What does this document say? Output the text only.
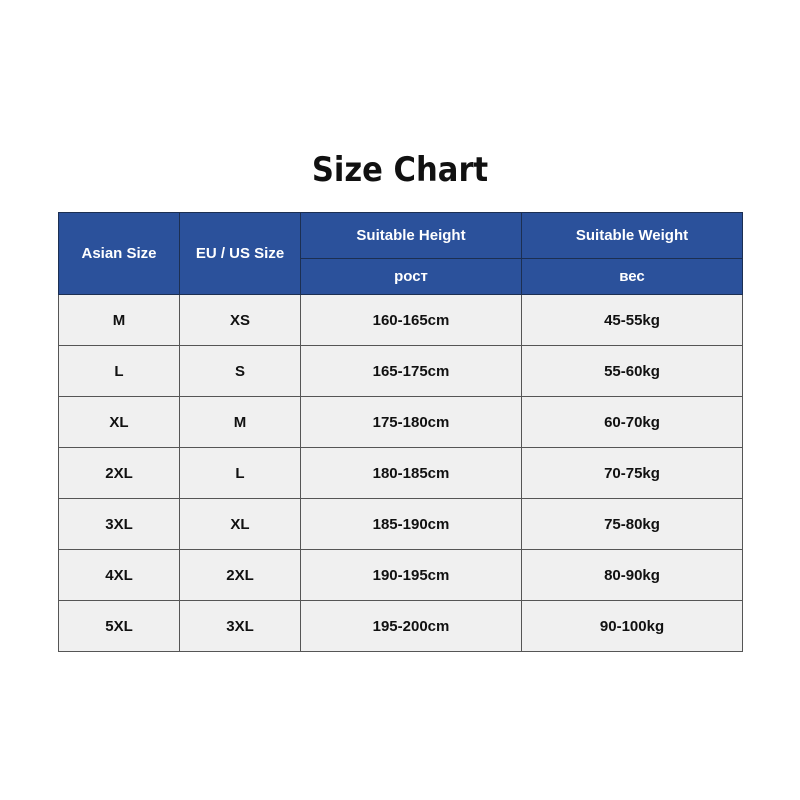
Size Chart
Asian Size	EU / US Size	Suitable Height	Suitable Weight
		рост	вес
M	XS	160-165cm	45-55kg
L	S	165-175cm	55-60kg
XL	M	175-180cm	60-70kg
2XL	L	180-185cm	70-75kg
3XL	XL	185-190cm	75-80kg
4XL	2XL	190-195cm	80-90kg
5XL	3XL	195-200cm	90-100kg
